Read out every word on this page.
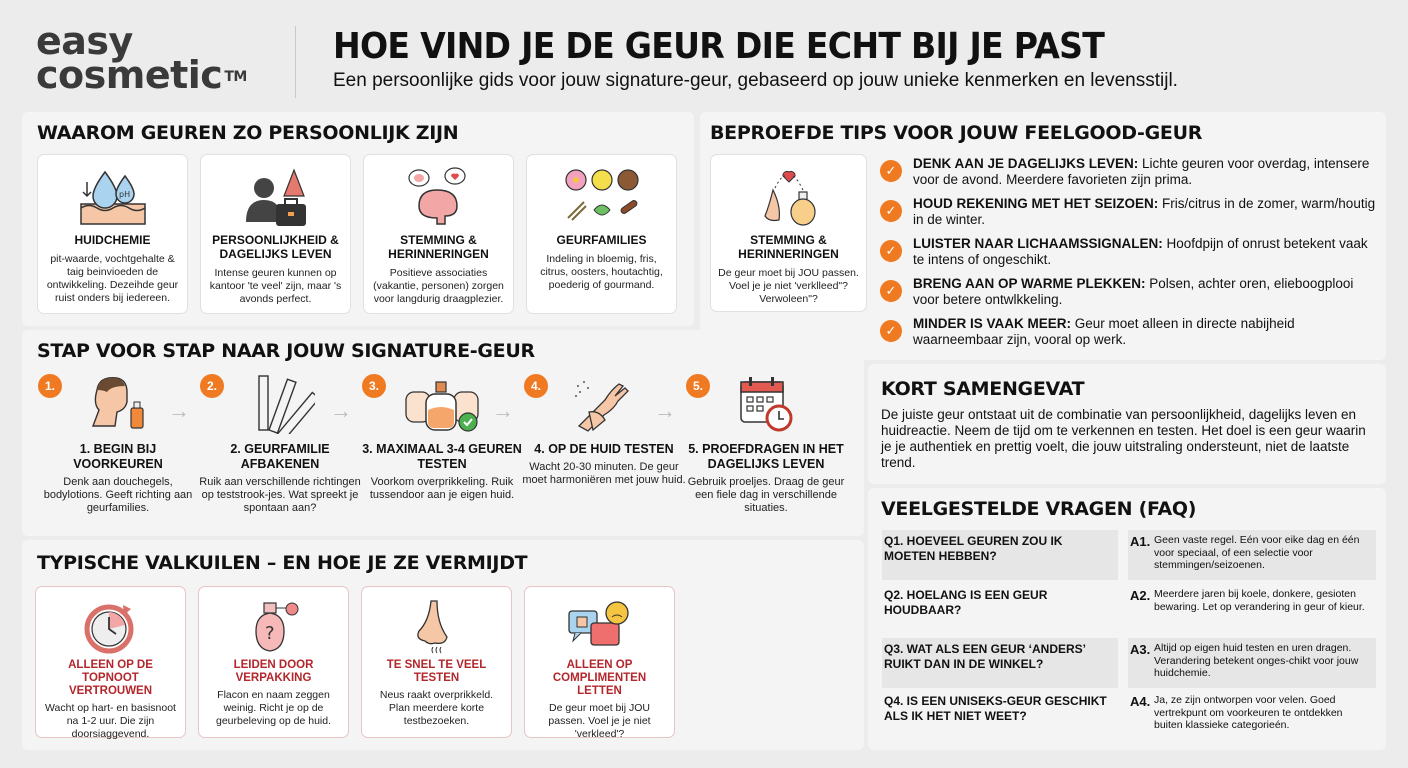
easy
cosmetic ™
HOE VIND JE DE GEUR DIE ECHT BIJ JE PAST
Een persoonlijke gids voor jouw signature-geur, gebaseerd op jouw unieke kenmerken en levensstijl.
WAAROM GEUREN ZO PERSOONLIJK ZIJN
pH
HUIDCHEMIE
pit-waarde, vochtgehalte & taig beinvioeden de ontwikkeling. Dezeihde geur ruist onders bij iedereen.
PERSOONLIJKHEID & DAGELIJKS LEVEN
Intense geuren kunnen op kantoor 'te veel' zijn, maar 's avonds perfect.
STEMMING & HERINNERINGEN
Positieve associaties (vakantie, personen) zorgen voor langdurig draagplezier.
GEURFAMILIES
Indeling in bloemig, fris, citrus, oosters, houtachtig, poederig of gourmand.
BEPROEFDE TIPS VOOR JOUW FEELGOOD-GEUR
STEMMING & HERINNERINGEN
De geur moet bij JOU passen. Voel je je niet 'verklleed"? Verwoleen"?
✓	DENK AAN JE DAGELIJKS LEVEN: Lichte geuren voor overdag, intensere voor de avond. Meerdere favorieten zijn prima.
✓	HOUD REKENING MET HET SEIZOEN: Fris/citrus in de zomer, warm/houtig in de winter.
✓	LUISTER NAAR LICHAAMSSIGNALEN: Hoofdpijn of onrust betekent vaak te intens of ongeschikt.
✓	BRENG AAN OP WARME PLEKKEN: Polsen, achter oren, elieboogplooi voor betere ontwlkkeling.
✓	MINDER IS VAAK MEER: Geur moet alleen in directe nabijheid waarneembaar zijn, vooral op werk.
STAP VOOR STAP NAAR JOUW SIGNATURE-GEUR
1.
1. BEGIN BIJ VOORKEUREN
Denk aan douchegels, bodylotions. Geeft richting aan geurfamilies.
→
2.
2. GEURFAMILIE AFBAKENEN
Ruik aan verschillende richtingen op teststrook-jes. Wat spreekt je spontaan aan?
→
3.
3. MAXIMAAL 3-4 GEUREN TESTEN
Voorkom overprikkeling. Ruik tussendoor aan je eigen huid.
→
4.
4. OP DE HUID TESTEN
Wacht 20-30 minuten. De geur moet harmoniëren met jouw huid.
→
5.
5. PROEFDRAGEN IN HET DAGELIJKS LEVEN
Gebruik proeljes. Draag de geur een fiele dag in verschillende situaties.
TYPISCHE VALKUILEN – EN HOE JE ZE VERMIJDT
ALLEEN OP DE TOPNOOT VERTROUWEN
Wacht op hart- en basisnoot na 1-2 uur. Die zijn doorsiaggevend.
?
LEIDEN DOOR VERPAKKING
Flacon en naam zeggen weinig. Richt je op de geurbeleving op de huid.
TE SNEL TE VEEL TESTEN
Neus raakt overprikkeld. Plan meerdere korte testbezoeken.
ALLEEN OP COMPLIMENTEN LETTEN
De geur moet bij JOU passen. Voel je je niet 'verkleed'?
KORT SAMENGEVAT
De juiste geur ontstaat uit de combinatie van persoonlijkheid, dagelijks leven en huidreactie. Neem de tijd om te verkennen en testen. Het doel is een geur waarin je je authentiek en prettig voelt, die jouw uitstraling ondersteunt, niet de laatste trend.
VEELGESTELDE VRAGEN (FAQ)
Q1. HOEVEEL GEUREN ZOU IK MOETEN HEBBEN?
A1. Geen vaste regel. Eén voor eike dag en één voor speciaal, of een selectie voor stemmingen/seizoenen.
Q2. HOELANG IS EEN GEUR HOUDBAAR?
A2. Meerdere jaren bij koele, donkere, gesioten bewaring. Let op verandering in geur of kieur.
Q3. WAT ALS EEN GEUR ‘ANDERS’ RUIKT DAN IN DE WINKEL?
A3. Altijd op eigen huid testen en uren dragen. Verandering betekent onges-chikt voor jouw huidchemie.
Q4. IS EEN UNISEKS-GEUR GESCHIKT ALS IK HET NIET WEET?
A4. Ja, ze zijn ontworpen voor velen. Goed vertrekpunt om voorkeuren te ontdekken buiten klassieke categorieén.
